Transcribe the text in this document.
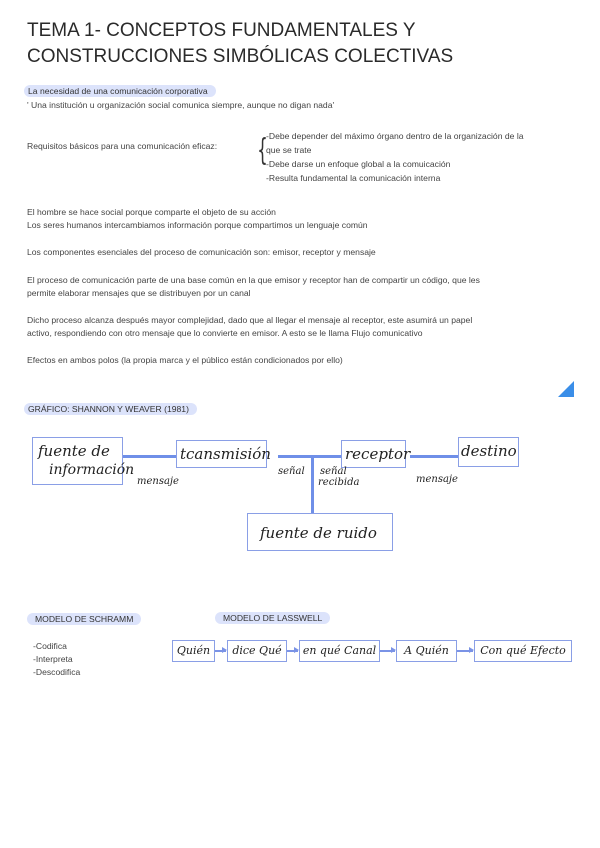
TEMA 1- CONCEPTOS FUNDAMENTALES Y
CONSTRUCCIONES SIMBÓLICAS COLECTIVAS
La necesidad de una comunicación corporativa
' Una institución u organización social comunica siempre, aunque no digan nada'
Requisitos básicos para una comunicación eficaz: {
-Debe depender del máximo órgano dentro de la organización de la
que se trate
-Debe darse un enfoque global a la comuicación
-Resulta fundamental la comunicación interna
El hombre se hace social porque comparte el objeto de su acción
Los seres humanos intercambiamos información porque compartimos un lenguaje común
Los componentes esenciales del proceso de comunicación son: emisor, receptor y mensaje
El proceso de comunicación parte de una base común en la que emisor y receptor han de compartir un código, que les
permite elaborar mensajes que se distribuyen por un canal
Dicho proceso alcanza después mayor complejidad, dado que al llegar el mensaje al receptor, este asumirá un papel
activo, respondiendo con otro mensaje que lo convierte en emisor. A esto se le llama Flujo comunicativo
Efectos en ambos polos (la propia marca y el público están condicionados por ello)
GRÁFICO: SHANNON Y WEAVER (1981)
fuente de
información
tcansmisión	receptor	destino
fuente de ruido
mensaje
señal señal
recibida	mensaje
MODELO DE SCHRAMM
-Codifica
-Interpreta
-Descodifica
MODELO DE LASSWELL
Quién	dice Qué	en qué Canal	A Quién	Con qué Efecto
